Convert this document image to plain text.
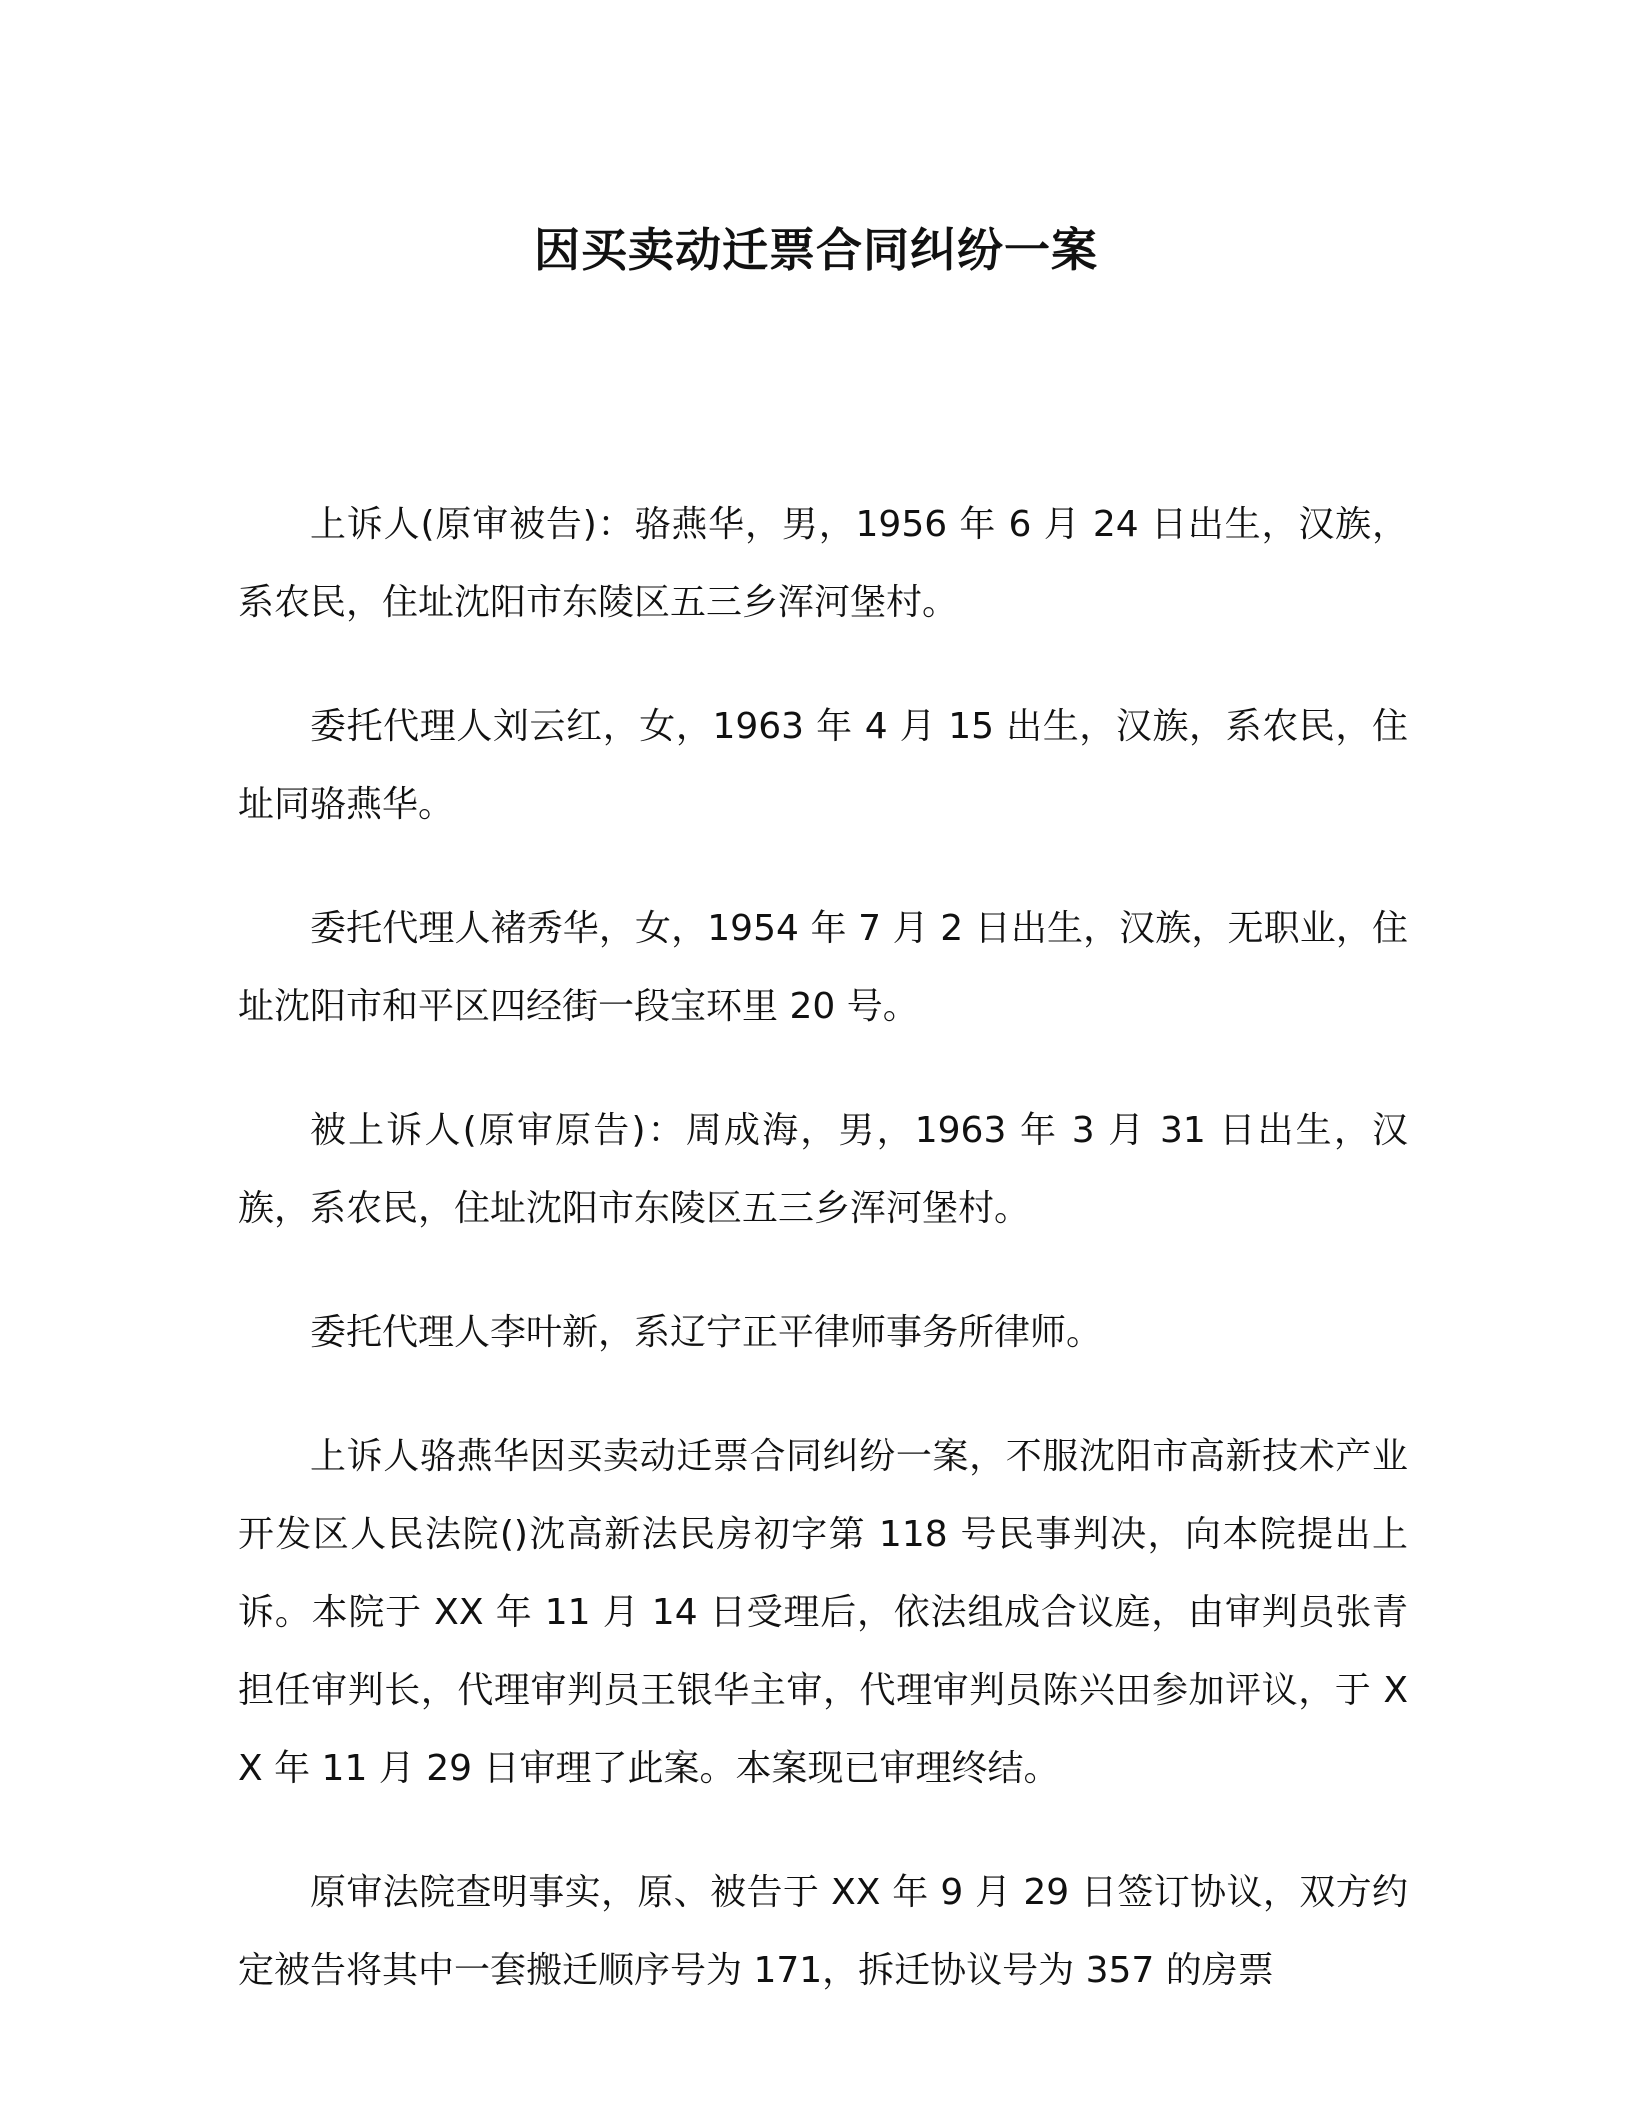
因买卖动迁票合同纠纷一案

上诉人(原审被告)：骆燕华，男，1956 年 6 月 24 日出生，汉族，系农民，住址沈阳市东陵区五三乡浑河堡村。

委托代理人刘云红，女，1963 年 4 月 15 出生，汉族，系农民，住址同骆燕华。

委托代理人褚秀华，女，1954 年 7 月 2 日出生，汉族，无职业，住址沈阳市和平区四经街一段宝环里 20 号。

被上诉人(原审原告)：周成海，男，1963 年 3 月 31 日出生，汉族，系农民，住址沈阳市东陵区五三乡浑河堡村。

委托代理人李叶新，系辽宁正平律师事务所律师。

上诉人骆燕华因买卖动迁票合同纠纷一案，不服沈阳市高新技术产业开发区人民法院()沈高新法民房初字第 118 号民事判决，向本院提出上诉。本院于 XX 年 11 月 14 日受理后，依法组成合议庭，由审判员张青担任审判长，代理审判员王银华主审，代理审判员陈兴田参加评议，于 XX 年 11 月 29 日审理了此案。本案现已审理终结。

原审法院查明事实，原、被告于 XX 年 9 月 29 日签订协议，双方约定被告将其中一套搬迁顺序号为 171，拆迁协议号为 357 的房票
